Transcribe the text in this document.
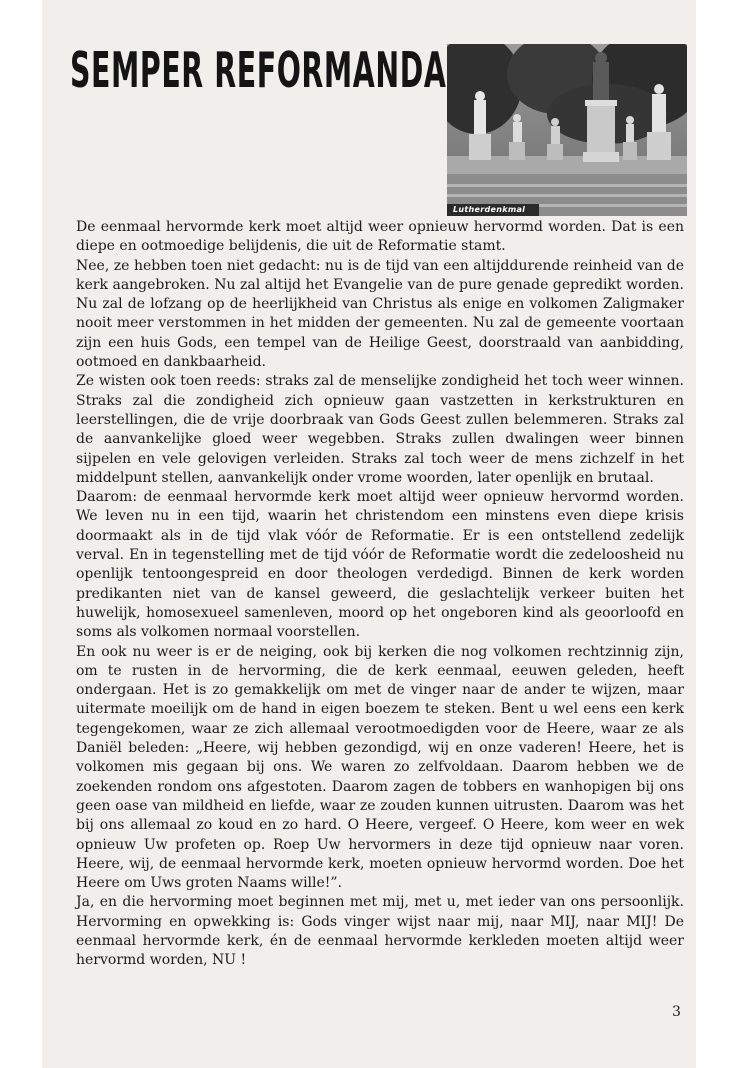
SEMPER REFORMANDA
Lutherdenkmal

De eenmaal hervormde kerk moet altijd weer opnieuw hervormd worden. Dat is een diepe en ootmoedige belijdenis, die uit de Reformatie stamt.

Nee, ze hebben toen niet gedacht: nu is de tijd van een altijddurende reinheid van de kerk aangebroken. Nu zal altijd het Evangelie van de pure genade gepredikt worden. Nu zal de lofzang op de heerlijkheid van Christus als enige en volkomen Zaligmaker nooit meer verstommen in het midden der gemeenten. Nu zal de gemeente voortaan zijn een huis Gods, een tempel van de Heilige Geest, doorstraald van aanbidding, ootmoed en dankbaarheid.

Ze wisten ook toen reeds: straks zal de menselijke zondigheid het toch weer winnen. Straks zal die zondigheid zich opnieuw gaan vastzetten in kerkstrukturen en leerstellingen, die de vrije doorbraak van Gods Geest zullen belemmeren. Straks zal de aanvankelijke gloed weer wegebben. Straks zullen dwalingen weer binnen sijpelen en vele gelovigen verleiden. Straks zal toch weer de mens zichzelf in het middelpunt stellen, aanvankelijk onder vrome woorden, later openlijk en brutaal.

Daarom: de eenmaal hervormde kerk moet altijd weer opnieuw hervormd worden. We leven nu in een tijd, waarin het christendom een minstens even diepe krisis doormaakt als in de tijd vlak vóór de Reformatie. Er is een ontstellend zedelijk verval. En in tegenstelling met de tijd vóór de Reformatie wordt die zedeloosheid nu openlijk tentoongespreid en door theologen verdedigd. Binnen de kerk worden predikanten niet van de kansel geweerd, die geslachtelijk verkeer buiten het huwelijk, homosexueel samenleven, moord op het ongeboren kind als geoorloofd en soms als volkomen normaal voorstellen.

En ook nu weer is er de neiging, ook bij kerken die nog volkomen rechtzinnig zijn, om te rusten in de hervorming, die de kerk eenmaal, eeuwen geleden, heeft ondergaan. Het is zo gemakkelijk om met de vinger naar de ander te wijzen, maar uitermate moeilijk om de hand in eigen boezem te steken. Bent u wel eens een kerk tegengekomen, waar ze zich allemaal verootmoedigden voor de Heere, waar ze als Daniël beleden: „Heere, wij hebben gezondigd, wij en onze vaderen! Heere, het is volkomen mis gegaan bij ons. We waren zo zelfvoldaan. Daarom hebben we de zoekenden rondom ons afgestoten. Daarom zagen de tobbers en wanhopigen bij ons geen oase van mildheid en liefde, waar ze zouden kunnen uitrusten. Daarom was het bij ons allemaal zo koud en zo hard. O Heere, vergeef. O Heere, kom weer en wek opnieuw Uw profeten op. Roep Uw hervormers in deze tijd opnieuw naar voren. Heere, wij, de eenmaal hervormde kerk, moeten opnieuw hervormd worden. Doe het Heere om Uws groten Naams wille!”.

Ja, en die hervorming moet beginnen met mij, met u, met ieder van ons persoonlijk. Hervorming en opwekking is: Gods vinger wijst naar mij, naar MIJ, naar MIJ! De eenmaal hervormde kerk, én de eenmaal hervormde kerkleden moeten altijd weer hervormd worden, NU !

3
